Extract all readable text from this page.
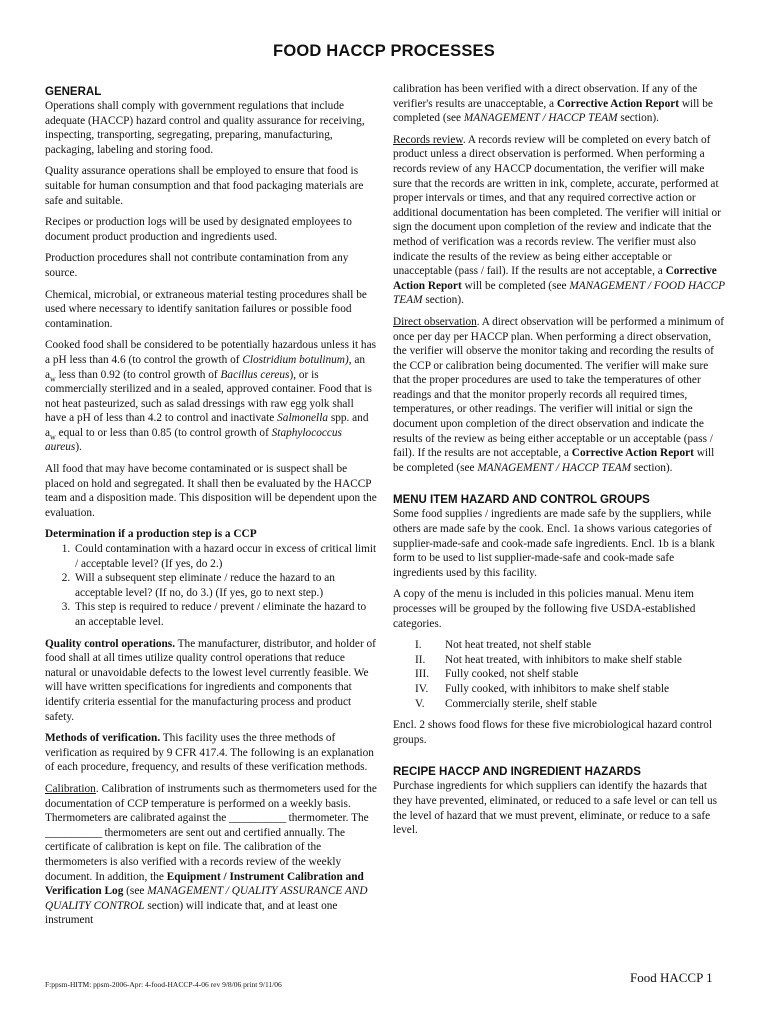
FOOD HACCP PROCESSES
GENERAL

Operations shall comply with government regulations that include adequate (HACCP) hazard control and quality assurance for receiving, inspecting, transporting, segregating, preparing, manufacturing, packaging, labeling and storing food.

Quality assurance operations shall be employed to ensure that food is suitable for human consumption and that food packaging materials are safe and suitable.

Recipes or production logs will be used by designated employees to document product production and ingredients used.

Production procedures shall not contribute contamination from any source.

Chemical, microbial, or extraneous material testing procedures shall be used where necessary to identify sanitation failures or possible food contamination.

Cooked food shall be considered to be potentially hazardous unless it has a pH less than 4.6 (to control the growth of Clostridium botulinum), an $a_w$ less than 0.92 (to control growth of Bacillus cereus), or is commercially sterilized and in a sealed, approved container. Food that is not heat pasteurized, such as salad dressings with raw egg yolk shall have a pH of less than 4.2 to control and inactivate Salmonella spp. and $a_w$ equal to or less than 0.85 (to control growth of Staphylococcus aureus).

All food that may have become contaminated or is suspect shall be placed on hold and segregated. It shall then be evaluated by the HACCP team and a disposition made. This disposition will be dependent upon the evaluation.

Determination if a production step is a CCP

1. Could contamination with a hazard occur in excess of critical limit / acceptable level? (If yes, do 2.)
2. Will a subsequent step eliminate / reduce the hazard to an acceptable level? (If no, do 3.) (If yes, go to next step.)
3. This step is required to reduce / prevent / eliminate the hazard to an acceptable level.

Quality control operations. The manufacturer, distributor, and holder of food shall at all times utilize quality control operations that reduce natural or unavoidable defects to the lowest level currently feasible. We will have written specifications for ingredients and components that identify criteria essential for the manufacturing process and product safety.

Methods of verification. This facility uses the three methods of verification as required by 9 CFR 417.4. The following is an explanation of each procedure, frequency, and results of these verification methods.

Calibration. Calibration of instruments such as thermometers used for the documentation of CCP temperature is performed on a weekly basis. Thermometers are calibrated against the ___________ thermometer. The ___________ thermometers are sent out and certified annually. The certificate of calibration is kept on file. The calibration of the thermometers is also verified with a records review of the weekly document. In addition, the Equipment / Instrument Calibration and Verification Log (see MANAGEMENT / QUALITY ASSURANCE AND QUALITY CONTROL section) will indicate that, and at least one instrument

calibration has been verified with a direct observation. If any of the verifier's results are unacceptable, a Corrective Action Report will be completed (see MANAGEMENT / HACCP TEAM section).

Records review. A records review will be completed on every batch of product unless a direct observation is performed. When performing a records review of any HACCP documentation, the verifier will make sure that the records are written in ink, complete, accurate, performed at proper intervals or times, and that any required corrective action or additional documentation has been completed. The verifier will initial or sign the document upon completion of the review and indicate that the method of verification was a records review. The verifier must also indicate the results of the review as being either acceptable or unacceptable (pass / fail). If the results are not acceptable, a Corrective Action Report will be completed (see MANAGEMENT / FOOD HACCP TEAM section).

Direct observation. A direct observation will be performed a minimum of once per day per HACCP plan. When performing a direct observation, the verifier will observe the monitor taking and recording the results of the CCP or calibration being documented. The verifier will make sure that the proper procedures are used to take the temperatures of other readings and that the monitor properly records all required times, temperatures, or other readings. The verifier will initial or sign the document upon completion of the direct observation and indicate the results of the review as being either acceptable or un acceptable (pass / fail). If the results are not acceptable, a Corrective Action Report will be completed (see MANAGEMENT / HACCP TEAM section).

MENU ITEM HAZARD AND CONTROL GROUPS

Some food supplies / ingredients are made safe by the suppliers, while others are made safe by the cook. Encl. 1a shows various categories of supplier-made-safe and cook-made safe ingredients. Encl. 1b is a blank form to be used to list supplier-made-safe and cook-made safe ingredients used by this facility.

A copy of the menu is included in this policies manual. Menu item processes will be grouped by the following five USDA-established categories.

I.	Not heat treated, not shelf stable
II.	Not heat treated, with inhibitors to make shelf stable
III.	Fully cooked, not shelf stable
IV.	Fully cooked, with inhibitors to make shelf stable
V.	Commercially sterile, shelf stable

Encl. 2 shows food flows for these five microbiological hazard control groups.

RECIPE HACCP AND INGREDIENT HAZARDS

Purchase ingredients for which suppliers can identify the hazards that they have prevented, eliminated, or reduced to a safe level or can tell us the level of hazard that we must prevent, eliminate, or reduce to a safe level.

F:ppsm-HITM: ppsm-2006-Apr: 4-food-HACCP-4-06 rev 9/8/06 print 9/11/06	Food HACCP 1
